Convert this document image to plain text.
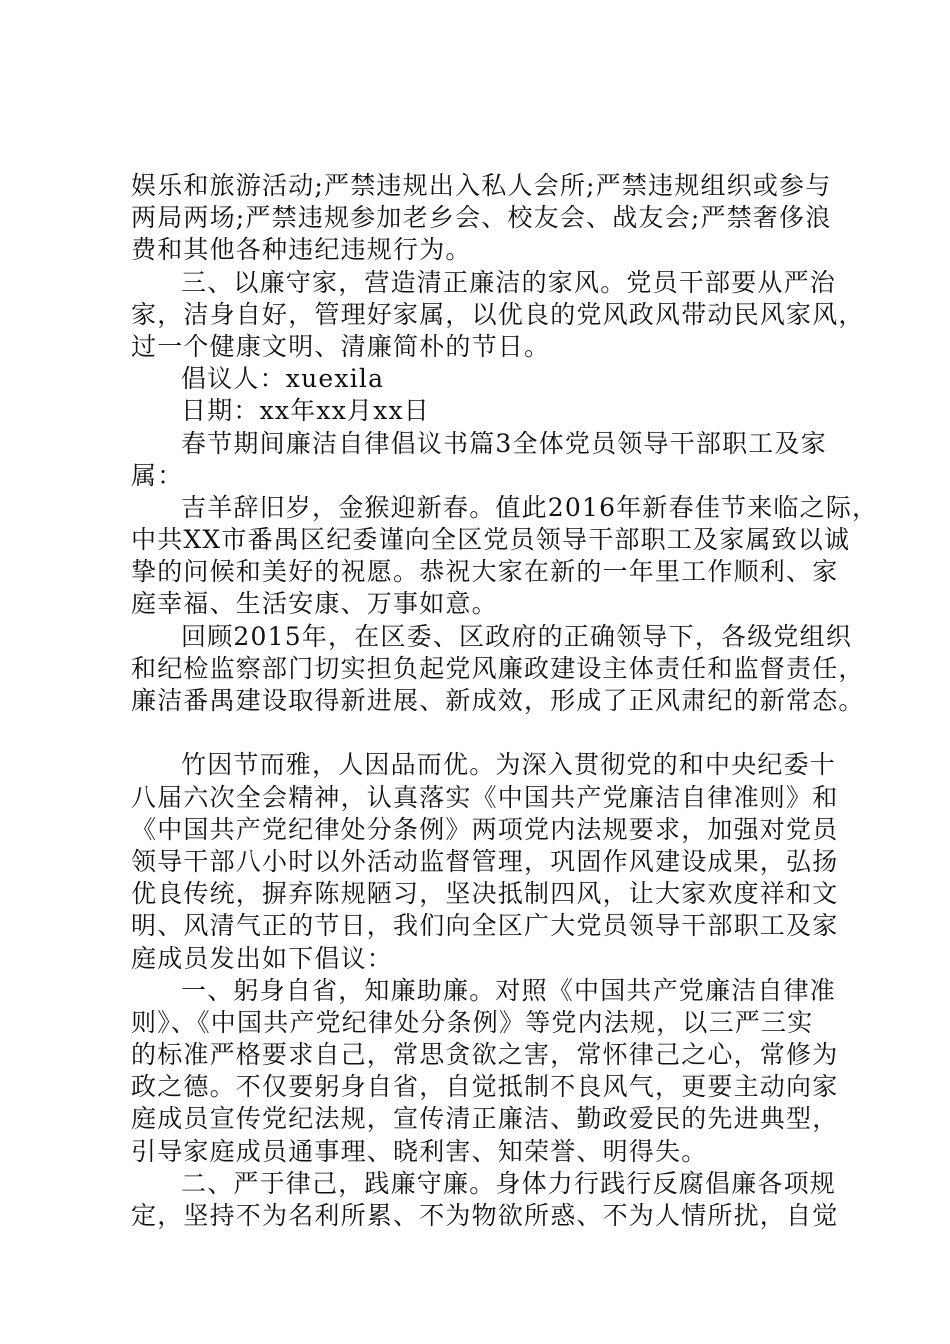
娱乐和旅游活动;严禁违规出入私人会所;严禁违规组织或参与
两局两场;严禁违规参加老乡会、校友会、战友会;严禁奢侈浪
费和其他各种违纪违规行为。
三、以廉守家，营造清正廉洁的家风。党员干部要从严治
家，洁身自好，管理好家属，以优良的党风政风带动民风家风，
过一个健康文明、清廉简朴的节日。
倡议人：xuexila
日期：xx年xx月xx日
春节期间廉洁自律倡议书篇3全体党员领导干部职工及家
属：
吉羊辞旧岁，金猴迎新春。值此2016年新春佳节来临之际，
中共XX市番禺区纪委谨向全区党员领导干部职工及家属致以诚
挚的问候和美好的祝愿。恭祝大家在新的一年里工作顺利、家
庭幸福、生活安康、万事如意。
回顾2015年，在区委、区政府的正确领导下，各级党组织
和纪检监察部门切实担负起党风廉政建设主体责任和监督责任，
廉洁番禺建设取得新进展、新成效，形成了正风肃纪的新常态。
竹因节而雅，人因品而优。为深入贯彻党的和中央纪委十
八届六次全会精神，认真落实《中国共产党廉洁自律准则》和
《中国共产党纪律处分条例》两项党内法规要求，加强对党员
领导干部八小时以外活动监督管理，巩固作风建设成果，弘扬
优良传统，摒弃陈规陋习，坚决抵制四风，让大家欢度祥和文
明、风清气正的节日，我们向全区广大党员领导干部职工及家
庭成员发出如下倡议：
一、躬身自省，知廉助廉。对照《中国共产党廉洁自律准
则》、《中国共产党纪律处分条例》等党内法规，以三严三实
的标准严格要求自己，常思贪欲之害，常怀律己之心，常修为
政之德。不仅要躬身自省，自觉抵制不良风气，更要主动向家
庭成员宣传党纪法规，宣传清正廉洁、勤政爱民的先进典型，
引导家庭成员通事理、晓利害、知荣誉、明得失。
二、严于律己，践廉守廉。身体力行践行反腐倡廉各项规
定，坚持不为名利所累、不为物欲所惑、不为人情所扰，自觉
